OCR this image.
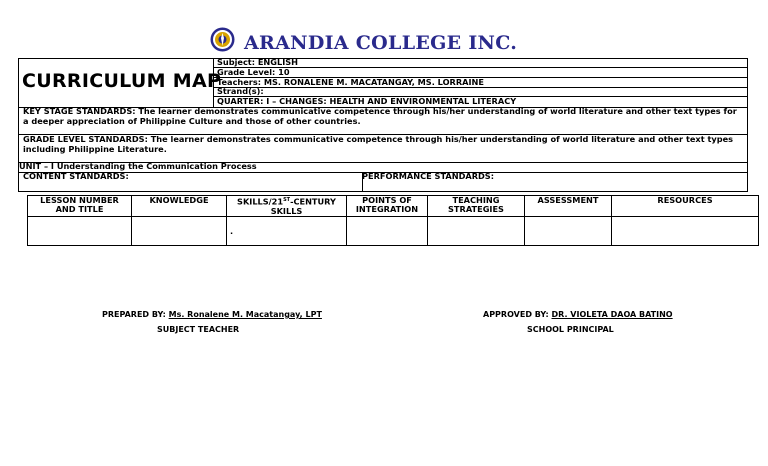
ARANDIA COLLEGE INC.
CURRICULUM MAP
Subject: ENGLISH
Grade Level: 10
Teachers: MS. RONALENE M. MACATANGAY, MS. LORRAINE
Strand(s):
QUARTER: I – CHANGES: HEALTH AND ENVIRONMENTAL LITERACY
KEY STAGE STANDARDS: The learner demonstrates communicative competence through his/her understanding of world literature and other text types for a deeper appreciation of Philippine Culture and those of other countries.
GRADE LEVEL STANDARDS: The learner demonstrates communicative competence through his/her understanding of world literature and other text types including Philippine Literature.
UNIT – I Understanding the Communication Process
CONTENT STANDARDS:	PERFORMANCE STANDARDS:
LESSON NUMBER AND TITLE	KNOWLEDGE	SKILLS/21ST-CENTURY SKILLS	POINTS OF INTEGRATION	TEACHING STRATEGIES	ASSESSMENT	RESOURCES
		.				
PREPARED BY: Ms. Ronalene M. Macatangay, LPT
SUBJECT TEACHER
APPROVED BY: DR. VIOLETA DAOA BATINO
SCHOOL PRINCIPAL
